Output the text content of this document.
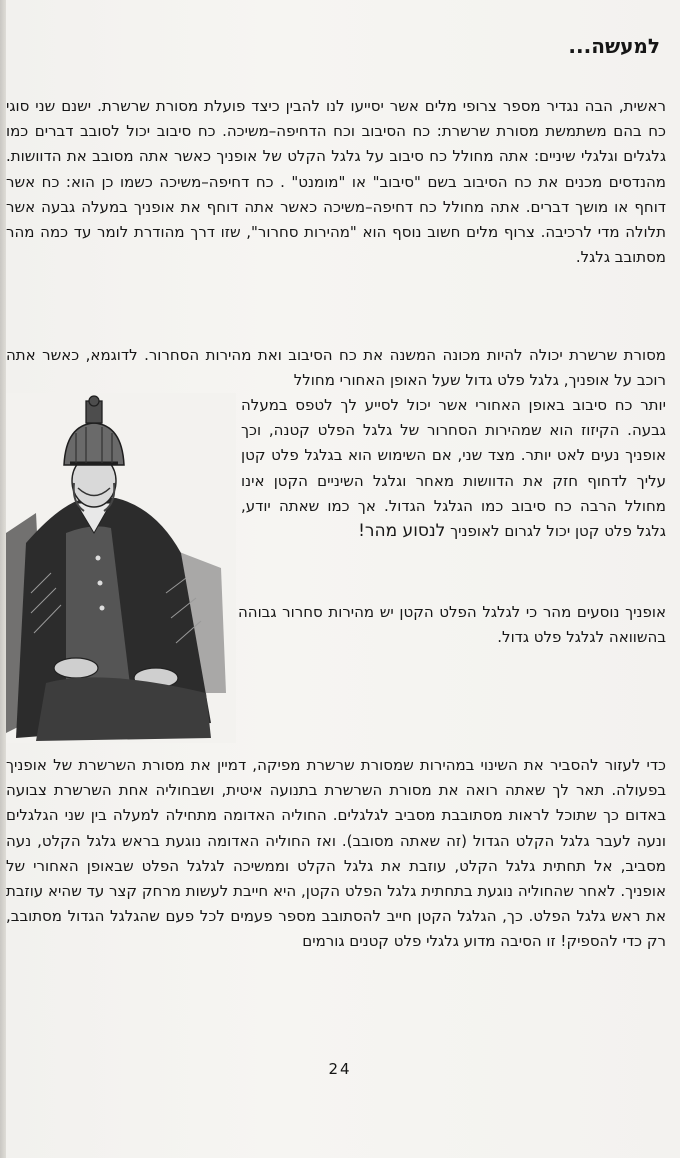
למעשה...
ראשית, הבה נגדיר מספר צרופי מלים אשר יסייעו לנו להבין כיצד פועלת מסורת שרשרת. ישנם שני סוגי כח בהם משתמשת מסורת שרשרת: כח הסיבוב וכח הדחיפה–משיכה. כח סיבוב יכול לסובב דברים כמו גלגלים וגלגלי שיניים: אתה מחולל כח סיבוב על גלגל הקלט של אופניך כאשר אתה מסובב את הדוושות. מהנדסים מכנים את כח הסיבוב בשם "סיבוב" או "מומנט" . כח דחיפה–משיכה כשמו כן הוא: כח אשר דוחף או מושך דברים. אתה מחולל כח דחיפה–משיכה כאשר אתה דוחף את אופניך במעלה גבעה אשר תלולה מדי לרכיבה. צרוף מלים חשוב נוסף הוא "מהירות סחרור", שזו דרך מהודרת לומר עד כמה מהר מסתובב גלגל.
מסורת שרשרת יכולה להיות מכונה המשנה את כח הסיבוב ואת מהירות הסחרור. לדוגמא, כאשר אתה רוכב על אופניך, גלגל פלט גדול שעל האופן האחורי מחולל
יותר כח סיבוב באופן האחורי אשר יכול לסייע לך לטפס במעלה גבעה. הקיזוז הוא שמהירות הסחרור של גלגל הפלט קטנה, וכך אופניך נעים לאט יותר. מצד שני, אם השימוש הוא בגלגל פלט קטן עליך לדחוף חזק את הדוושות מאחר וגלגל השיניים הקטן אינו מחולל הרבה כח סיבוב כמו הגלגל הגדול. אך כמו שאתה יודע, גלגל פלט קטן יכול לגרום לאופניך לנסוע מהר!
אופניך נוסעים מהר כי לגלגל הפלט הקטן יש מהירות סחרור גבוהה בהשוואה לגלגל פלט גדול.
כדי לעזור להסביר את השינוי במהירות שמסורת שרשרת מפיקה, דמיין את מסורת השרשרת של אופניך בפעולה. תאר לך שאתה רואה את מסורת השרשרת בתנועה איטית, ושבחוליה אחת השרשרת צבועה באדום כך שתוכל לראות מסתובבת מסביב לגלגלים. החוליה האדומה מתחילה למעלה בין שני הגלגלים ונעה לעבר גלגל הקלט הגדול (זה שאתה מסובב). ואז החוליה האדומה נוגעת בראש גלגל הקלט, נעה מסביב, אל תחתית גלגל הקלט, עוזבת את גלגל הקלט וממשיכה לגלגל הפלט שבאופן האחורי של אופניך. לאחר שהחוליה נוגעת בתחתית גלגל הפלט הקטן, היא חייבת לעשות מרחק קצר עד שהיא עוזבת את ראש גלגל הפלט. כך, הגלגל הקטן חייב להסתובב מספר פעמים לכל פעם שהגלגל הגדול מסתובב, רק כדי להספיק! זו הסיבה מדוע גלגלי פלט קטנים גורמים
24
